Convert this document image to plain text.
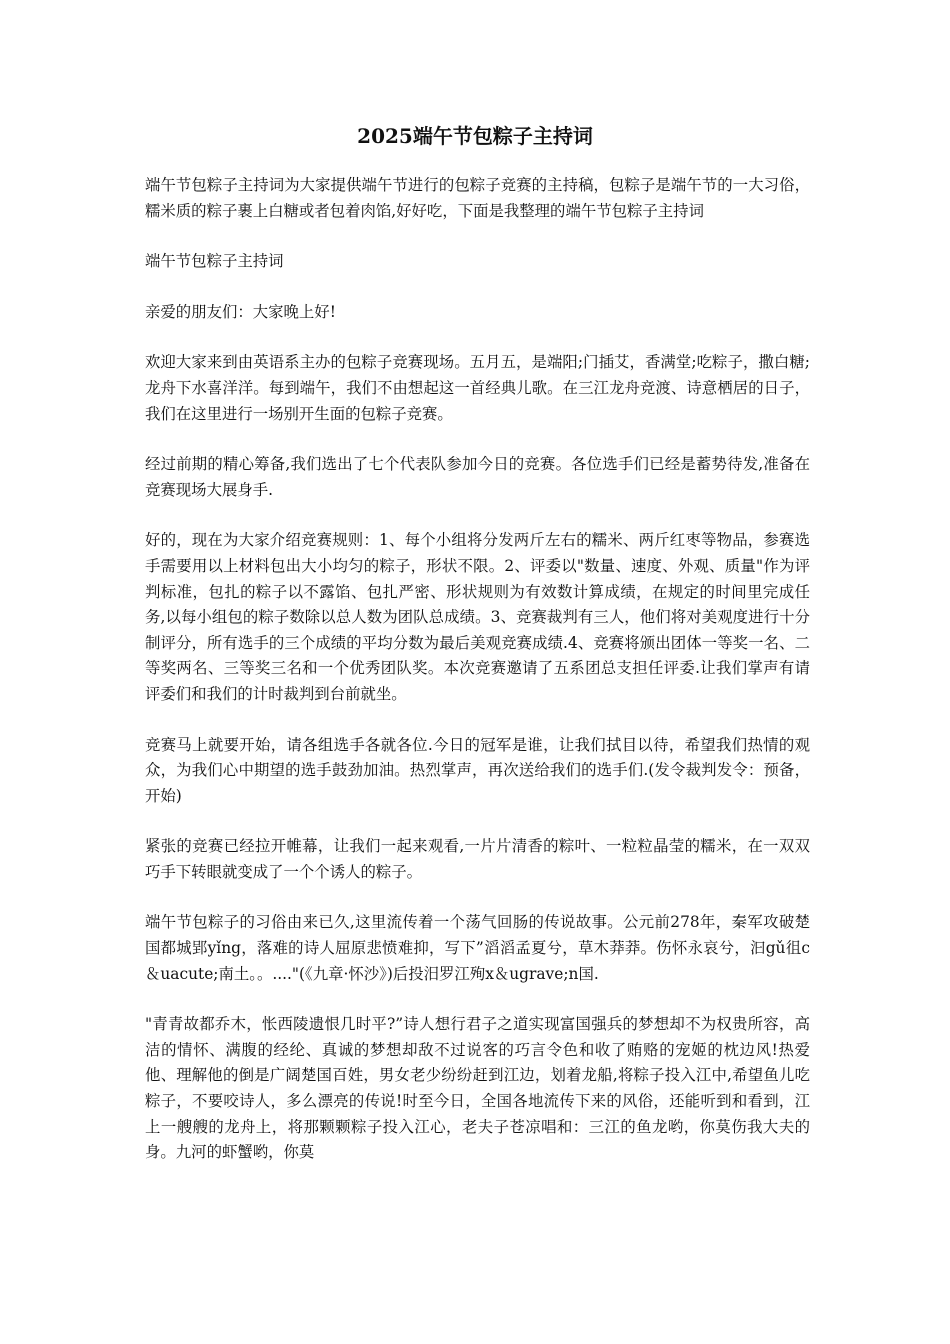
2025端午节包粽子主持词

端午节包粽子主持词为大家提供端午节进行的包粽子竞赛的主持稿，包粽子是端午节的一大习俗，糯米质的粽子裹上白糖或者包着肉馅,好好吃，下面是我整理的端午节包粽子主持词

端午节包粽子主持词

亲爱的朋友们：大家晚上好!

欢迎大家来到由英语系主办的包粽子竞赛现场。五月五，是端阳;门插艾，香满堂;吃粽子，撒白糖;龙舟下水喜洋洋。每到端午，我们不由想起这一首经典儿歌。在三江龙舟竞渡、诗意栖居的日子，我们在这里进行一场别开生面的包粽子竞赛。

经过前期的精心筹备,我们选出了七个代表队参加今日的竞赛。各位选手们已经是蓄势待发,准备在竞赛现场大展身手.

好的，现在为大家介绍竞赛规则：1、每个小组将分发两斤左右的糯米、两斤红枣等物品，参赛选手需要用以上材料包出大小均匀的粽子，形状不限。2、评委以"数量、速度、外观、质量"作为评判标准，包扎的粽子以不露馅、包扎严密、形状规则为有效数计算成绩，在规定的时间里完成任务,以每小组包的粽子数除以总人数为团队总成绩。3、竞赛裁判有三人，他们将对美观度进行十分制评分，所有选手的三个成绩的平均分数为最后美观竞赛成绩.4、竞赛将颁出团体一等奖一名、二等奖两名、三等奖三名和一个优秀团队奖。本次竞赛邀请了五系团总支担任评委.让我们掌声有请评委们和我们的计时裁判到台前就坐。

竞赛马上就要开始，请各组选手各就各位.今日的冠军是谁，让我们拭目以待，希望我们热情的观众，为我们心中期望的选手鼓劲加油。热烈掌声，再次送给我们的选手们.(发令裁判发令：预备，开始)

紧张的竞赛已经拉开帷幕，让我们一起来观看,一片片清香的粽叶、一粒粒晶莹的糯米，在一双双巧手下转眼就变成了一个个诱人的粽子。

端午节包粽子的习俗由来已久,这里流传着一个荡气回肠的传说故事。公元前278年，秦军攻破楚国都城郢yǐng，落难的诗人屈原悲愤难抑，写下”滔滔孟夏兮，草木莽莽。伤怀永哀兮，汩gǔ徂c＆uacute;南土。。...."(《九章·怀沙》)后投汨罗江殉x＆ugrave;n国.

"青青故都乔木，怅西陵遗恨几时平?”诗人想行君子之道实现富国强兵的梦想却不为权贵所容，高洁的情怀、满腹的经纶、真诚的梦想却敌不过说客的巧言令色和收了贿赂的宠姬的枕边风!热爱他、理解他的倒是广阔楚国百姓，男女老少纷纷赶到江边，划着龙船,将粽子投入江中,希望鱼儿吃粽子，不要咬诗人，多么漂亮的传说!时至今日，全国各地流传下来的风俗，还能听到和看到，江上一艘艘的龙舟上，将那颗颗粽子投入江心，老夫子苍凉唱和：三江的鱼龙哟，你莫伤我大夫的身。九河的虾蟹哟，你莫
